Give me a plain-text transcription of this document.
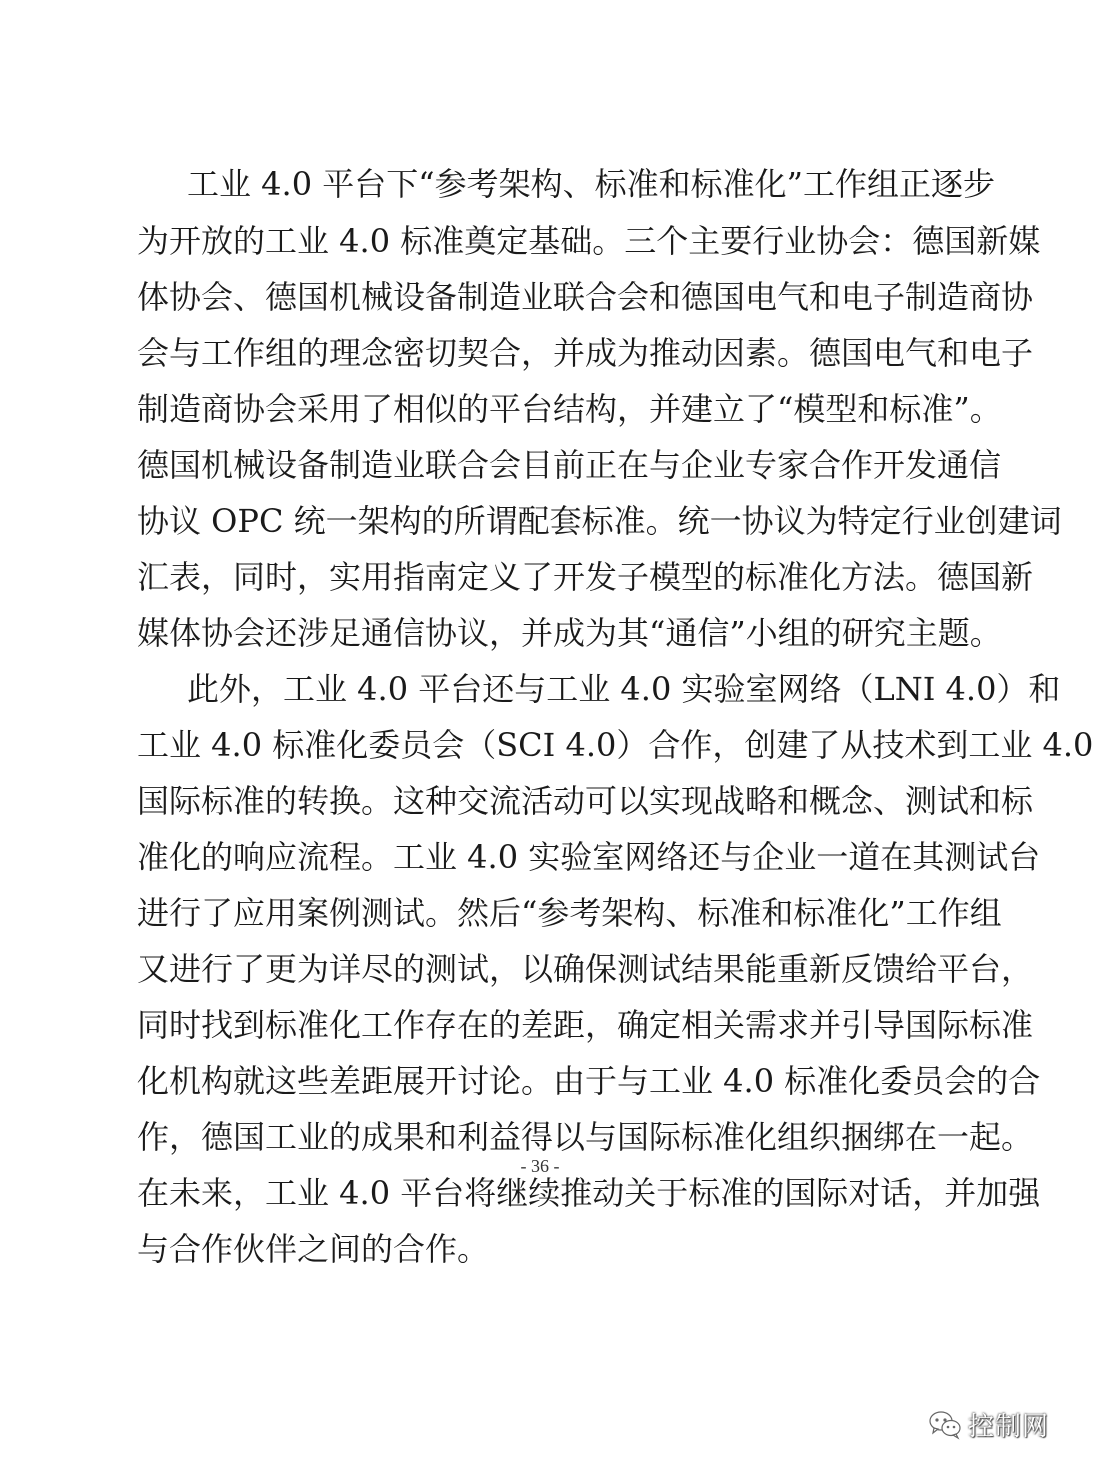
工业 4.0 平台下“参考架构、标准和标准化”工作组正逐步
为开放的工业 4.0 标准奠定基础。三个主要行业协会：德国新媒
体协会、德国机械设备制造业联合会和德国电气和电子制造商协
会与工作组的理念密切契合，并成为推动因素。德国电气和电子
制造商协会采用了相似的平台结构，并建立了“模型和标准”。
德国机械设备制造业联合会目前正在与企业专家合作开发通信
协议 OPC 统一架构的所谓配套标准。统一协议为特定行业创建词
汇表，同时，实用指南定义了开发子模型的标准化方法。德国新
媒体协会还涉足通信协议，并成为其“通信”小组的研究主题。
此外，工业 4.0 平台还与工业 4.0 实验室网络（LNI 4.0）和
工业 4.0 标准化委员会（SCI 4.0）合作，创建了从技术到工业 4.0
国际标准的转换。这种交流活动可以实现战略和概念、测试和标
准化的响应流程。工业 4.0 实验室网络还与企业一道在其测试台
进行了应用案例测试。然后“参考架构、标准和标准化”工作组
又进行了更为详尽的测试，以确保测试结果能重新反馈给平台，
同时找到标准化工作存在的差距，确定相关需求并引导国际标准
化机构就这些差距展开讨论。由于与工业 4.0 标准化委员会的合
作，德国工业的成果和利益得以与国际标准化组织捆绑在一起。
在未来，工业 4.0 平台将继续推动关于标准的国际对话，并加强
与合作伙伴之间的合作。
- 36 -
控制网
